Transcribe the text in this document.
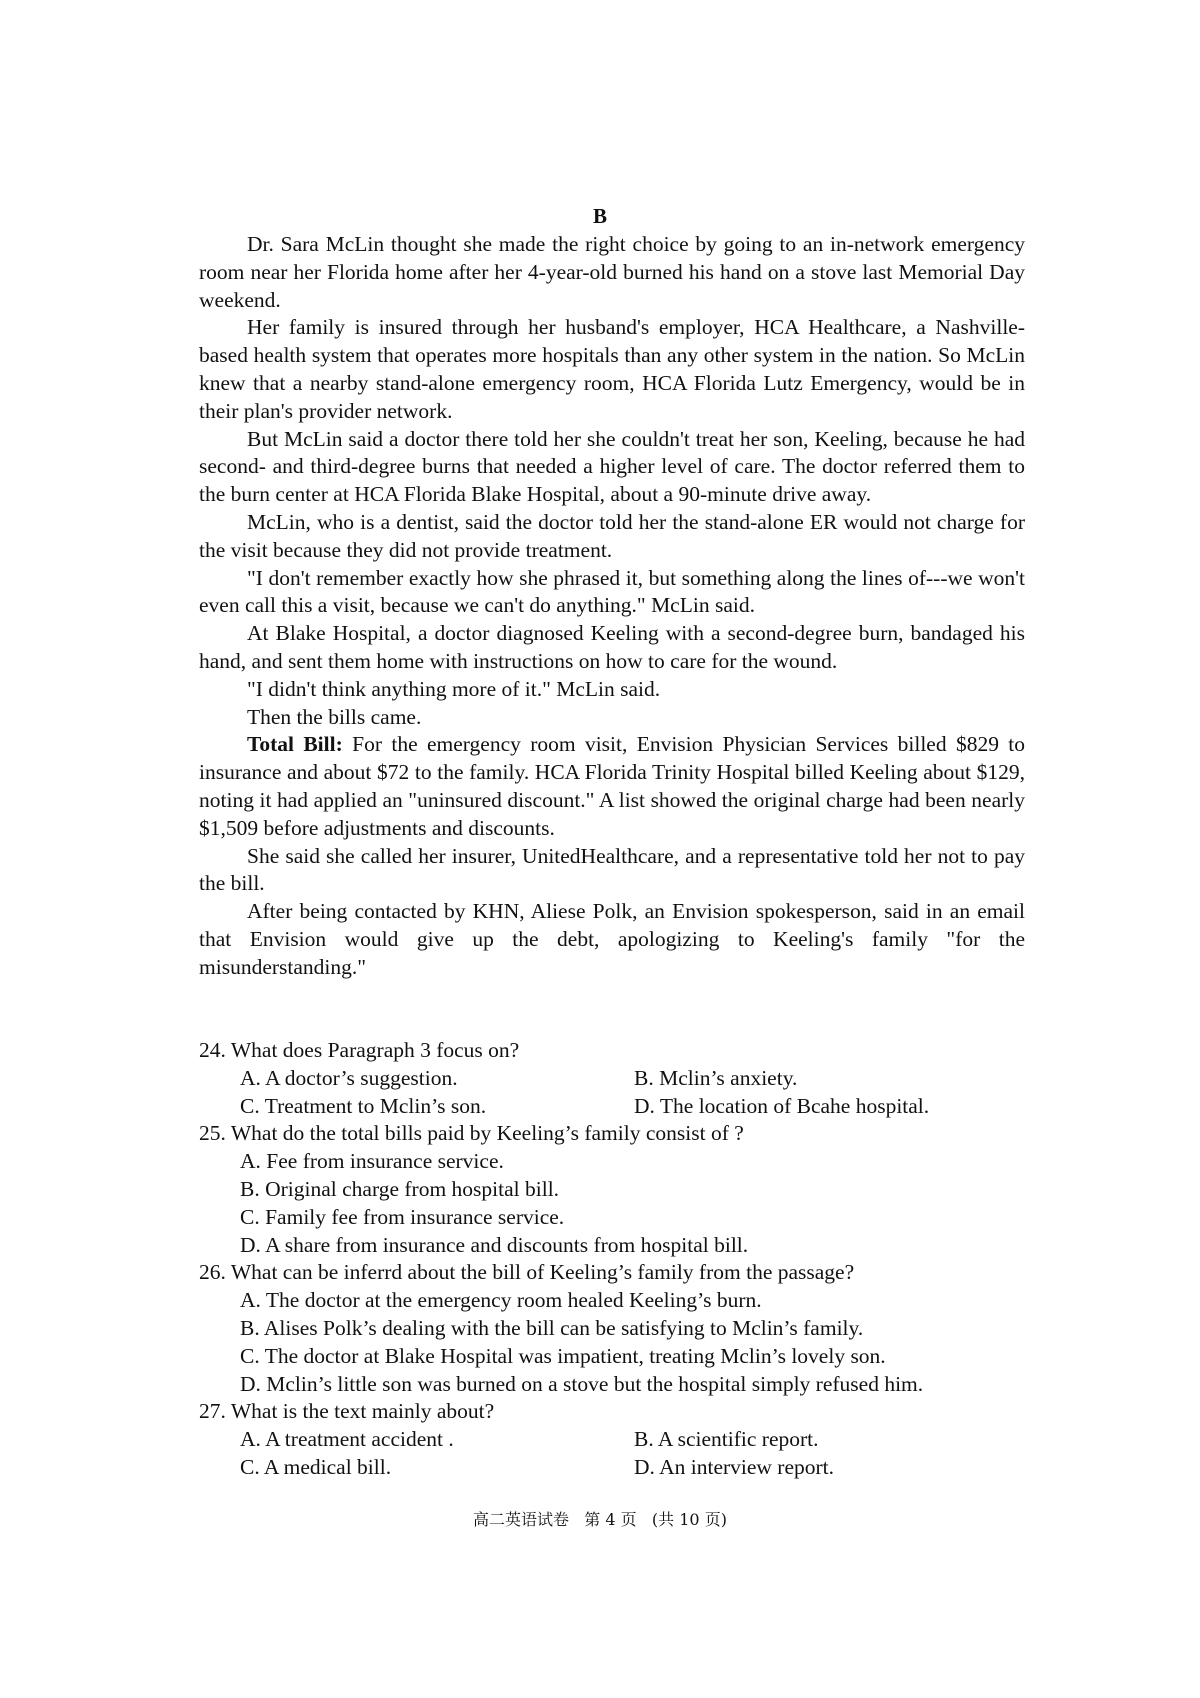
B

Dr. Sara McLin thought she made the right choice by going to an in-network emergency room near her Florida home after her 4-year-old burned his hand on a stove last Memorial Day weekend.

Her family is insured through her husband's employer, HCA Healthcare, a Nashville-based health system that operates more hospitals than any other system in the nation. So McLin knew that a nearby stand-alone emergency room, HCA Florida Lutz Emergency, would be in their plan's provider network.

But McLin said a doctor there told her she couldn't treat her son, Keeling, because he had second- and third-degree burns that needed a higher level of care. The doctor referred them to the burn center at HCA Florida Blake Hospital, about a 90-minute drive away.

McLin, who is a dentist, said the doctor told her the stand-alone ER would not charge for the visit because they did not provide treatment.

"I don't remember exactly how she phrased it, but something along the lines of---we won't even call this a visit, because we can't do anything." McLin said.

At Blake Hospital, a doctor diagnosed Keeling with a second-degree burn, bandaged his hand, and sent them home with instructions on how to care for the wound.

"I didn't think anything more of it." McLin said.

Then the bills came.

Total Bill: For the emergency room visit, Envision Physician Services billed $829 to insurance and about $72 to the family. HCA Florida Trinity Hospital billed Keeling about $129, noting it had applied an "uninsured discount." A list showed the original charge had been nearly $1,509 before adjustments and discounts.

She said she called her insurer, UnitedHealthcare, and a representative told her not to pay the bill.

After being contacted by KHN, Aliese Polk, an Envision spokesperson, said in an email that Envision would give up the debt, apologizing to Keeling's family "for the misunderstanding."

24. What does Paragraph 3 focus on?
A. A doctor’s suggestion.	B. Mclin’s anxiety.
C. Treatment to Mclin’s son.	D. The location of Bcahe hospital.
25. What do the total bills paid by Keeling’s family consist of ?
A. Fee from insurance service.
B. Original charge from hospital bill.
C. Family fee from insurance service.
D. A share from insurance and discounts from hospital bill.
26. What can be inferrd about the bill of Keeling’s family from the passage?
A. The doctor at the emergency room healed Keeling’s burn.
B. Alises Polk’s dealing with the bill can be satisfying to Mclin’s family.
C. The doctor at Blake Hospital was impatient, treating Mclin’s lovely son.
D. Mclin’s little son was burned on a stove but the hospital simply refused him.
27. What is the text mainly about?
A. A treatment accident .	B. A scientific report.
C. A medical bill.	D. An interview report.
高二英语试卷   第 4 页   (共 10 页)
